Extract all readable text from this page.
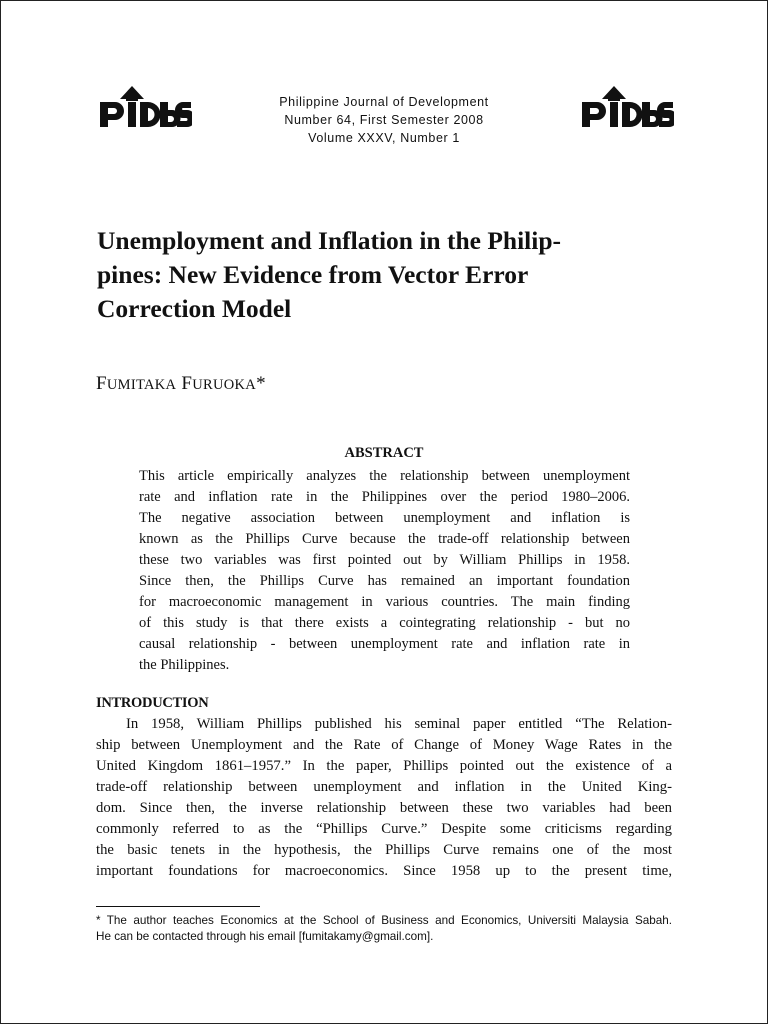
Philippine Journal of Development
Number 64, First Semester 2008
Volume XXXV, Number 1
Unemployment and Inflation in the Philip-
pines: New Evidence from Vector Error
Correction Model
FUMITAKA FURUOKA*
ABSTRACT
This article empirically analyzes the relationship between unemployment
rate and inflation rate in the Philippines over the period 1980–2006.
The negative association between unemployment and inflation is
known as the Phillips Curve because the trade-off relationship between
these two variables was first pointed out by William Phillips in 1958.
Since then, the Phillips Curve has remained an important foundation
for macroeconomic management in various countries. The main finding
of this study is that there exists a cointegrating relationship - but no
causal relationship - between unemployment rate and inflation rate in
the Philippines.
INTRODUCTION
In 1958, William Phillips published his seminal paper entitled “The Relation-
ship between Unemployment and the Rate of Change of Money Wage Rates in the
United Kingdom 1861–1957.” In the paper, Phillips pointed out the existence of a
trade-off relationship between unemployment and inflation in the United King-
dom. Since then, the inverse relationship between these two variables had been
commonly referred to as the “Phillips Curve.” Despite some criticisms regarding
the basic tenets in the hypothesis, the Phillips Curve remains one of the most
important foundations for macroeconomics. Since 1958 up to the present time,
* The author teaches Economics at the School of Business and Economics, Universiti Malaysia Sabah.
He can be contacted through his email [fumitakamy@gmail.com].
